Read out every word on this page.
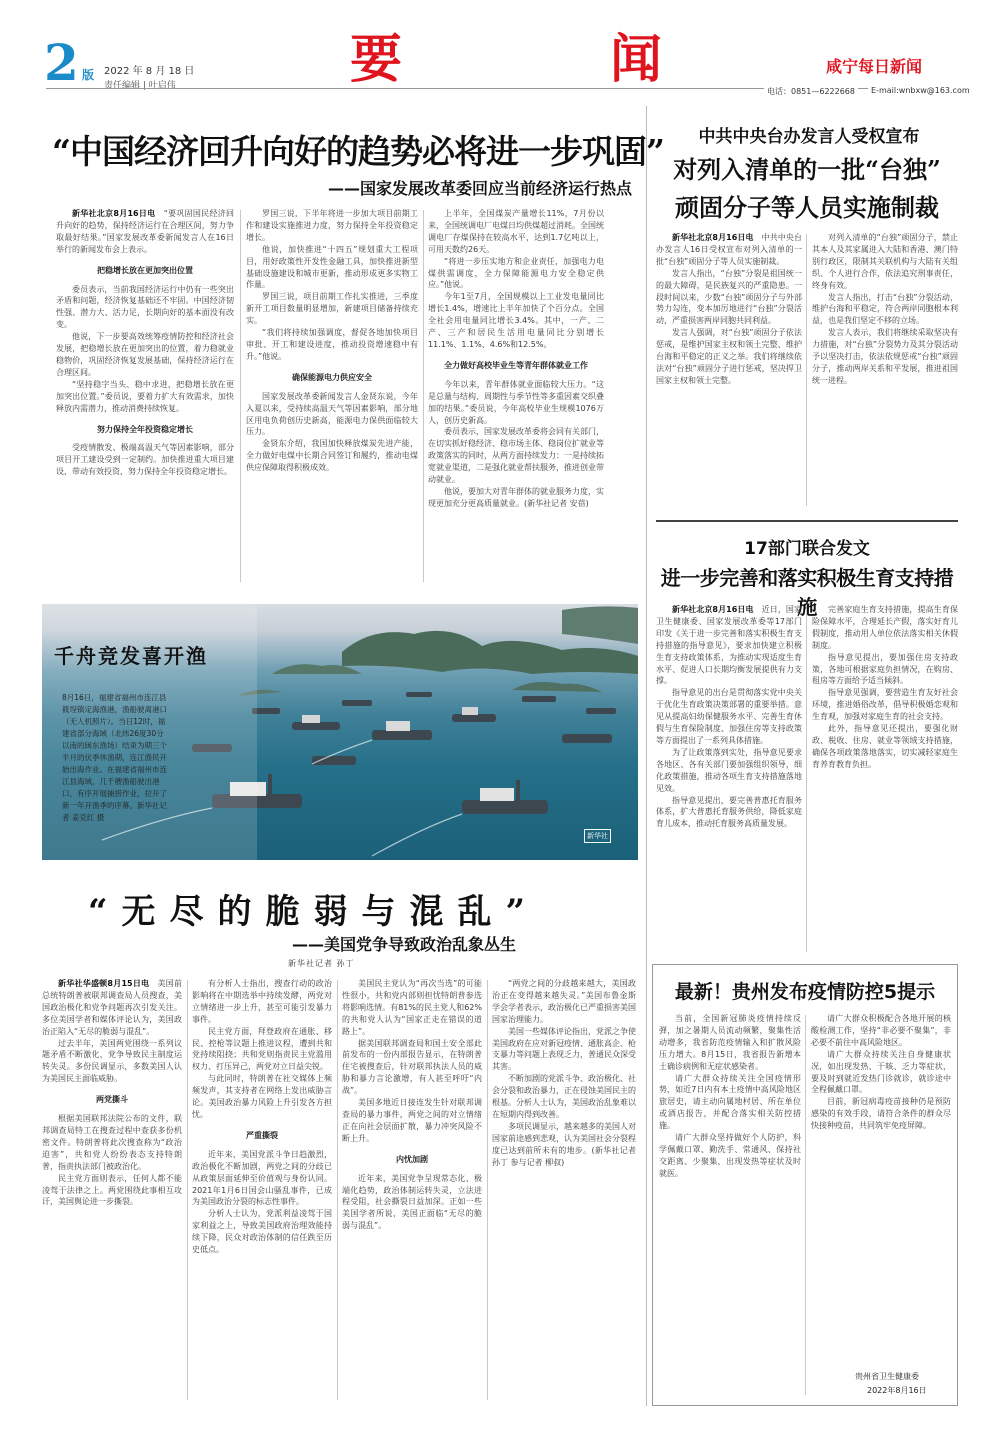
2 版 2022 年 8 月 18 日
责任编辑 | 叶启伟	要	闻	咸宁每日新闻
电话：0851—6222668	E-mail:wnbxw@163.com
“中国经济回升向好的趋势必将进一步巩固”
——国家发展改革委回应当前经济运行热点

新华社北京8月16日电　“要巩固国民经济回升向好的趋势，保持经济运行在合理区间，努力争取最好结果。”国家发展改革委新闻发言人在16日举行的新闻发布会上表示。

把稳增长放在更加突出位置

委员表示，当前我国经济运行中仍有一些突出矛盾和问题，经济恢复基础还不牢固。中国经济韧性强、潜力大、活力足，长期向好的基本面没有改变。

他说，下一步要高效统筹疫情防控和经济社会发展，把稳增长放在更加突出的位置，着力稳就业稳物价，巩固经济恢复发展基础，保持经济运行在合理区间。

“坚持稳字当头、稳中求进，把稳增长放在更加突出位置。”委员说，要着力扩大有效需求，加快释放内需潜力，推动消费持续恢复。

努力保持全年投资稳定增长

受疫情散发、极端高温天气等因素影响，部分项目开工建设受到一定制约。加快推进重大项目建设，带动有效投资，努力保持全年投资稳定增长。

罗国三说，下半年将进一步加大项目前期工作和建设实施推进力度，努力保持全年投资稳定增长。

他说，加快推进“十四五”规划重大工程项目，用好政策性开发性金融工具，加快推进新型基础设施建设和城市更新，推动形成更多实物工作量。

罗国三说，项目前期工作扎实推进，三季度新开工项目数量明显增加，新建项目储备持续充实。

“我们将持续加强调度，督促各地加快项目审批、开工和建设进度，推动投资增速稳中有升。”他说。

确保能源电力供应安全

国家发展改革委新闻发言人金贤东说，今年入夏以来，受持续高温天气等因素影响，部分地区用电负荷创历史新高，能源电力保供面临较大压力。

金贤东介绍，我国加快释放煤炭先进产能，全力做好电煤中长期合同签订和履约，推动电煤供应保障取得积极成效。

上半年，全国煤炭产量增长11%，7月份以来，全国统调电厂电煤日均供煤超过消耗。全国统调电厂存煤保持在较高水平，达到1.7亿吨以上，可用天数约26天。

“将进一步压实地方和企业责任，加强电力电煤供需调度，全力保障能源电力安全稳定供应。”他说。

今年1至7月，全国规模以上工业发电量同比增长1.4%，增速比上半年加快了个百分点。全国全社会用电量同比增长3.4%。其中，一产、二产、三产和居民生活用电量同比分别增长11.1%、1.1%、4.6%和12.5%。

全力做好高校毕业生等青年群体就业工作

今年以来，青年群体就业面临较大压力。“这是总量与结构、周期性与季节性等多重因素交织叠加的结果。”委员说，今年高校毕业生规模1076万人，创历史新高。

委员表示，国家发展改革委将会同有关部门，在切实抓好稳经济、稳市场主体、稳岗位扩就业等政策落实的同时，从两方面持续发力：一是持续拓宽就业渠道，二是强化就业帮扶服务，推进创业带动就业。

他说，要加大对青年群体的就业服务力度，实现更加充分更高质量就业。(新华社记者 安蓓)

千舟竞发喜开渔
8月16日，福建省福州市连江县筱埕镇定海渔港，渔船驶离港口（无人机照片）。当日12时，福建省部分海域（北纬26度30分以南的闽东渔场）结束为期三个半月的伏季休渔期，连江渔民开始出海作业。在福建省福州市连江县海域，几千艘渔船驶出港口，有序开展捕捞作业，拉开了新一年开渔季的序幕。新华社记者 姜克红 摄
新华社
“无尽的脆弱与混乱”
——美国党争导致政治乱象丛生
新华社记者 孙丁

新华社华盛顿8月15日电　美国前总统特朗普被联邦调查局人员搜查，美国政治极化和党争问题再次引发关注。多位美国学者和媒体评论认为，美国政治正陷入“无尽的脆弱与混乱”。

过去半年，美国两党围绕一系列议题矛盾不断激化，党争导致民主制度运转失灵。多份民调显示，多数美国人认为美国民主面临威胁。

两党撕斗

根据美国联邦法院公布的文件，联邦调查局特工在搜查过程中查获多份机密文件。特朗普将此次搜查称为“政治迫害”，共和党人纷纷表态支持特朗普，指责执法部门被政治化。

民主党方面则表示，任何人都不能凌驾于法律之上。两党围绕此事相互攻讦，美国舆论进一步撕裂。

有分析人士指出，搜查行动的政治影响将在中期选举中持续发酵，两党对立情绪进一步上升，甚至可能引发暴力事件。

民主党方面，拜登政府在通胀、移民、控枪等议题上推进议程，遭到共和党持续阻挠；共和党则指责民主党滥用权力、打压异己，两党对立日益尖锐。

与此同时，特朗普在社交媒体上频频发声，其支持者在网络上发出威胁言论。美国政治暴力风险上升引发各方担忧。

严重撕裂

近年来，美国党派斗争日趋激烈，政治极化不断加剧，两党之间的分歧已从政策层面延伸至价值观与身份认同。2021年1月6日国会山骚乱事件，已成为美国政治分裂的标志性事件。

分析人士认为，党派利益凌驾于国家利益之上，导致美国政府治理效能持续下降，民众对政治体制的信任跌至历史低点。

美国民主党认为“再次当选”的可能性很小，共和党内部则担忧特朗普参选将影响选情。有81%的民主党人和62%的共和党人认为“国家正走在错误的道路上”。

据美国联邦调查局和国土安全部此前发布的一份内部报告显示，在特朗普住宅被搜查后，针对联邦执法人员的威胁和暴力言论激增，有人甚至呼吁“内战”。

美国多地近日接连发生针对联邦调查局的暴力事件，两党之间的对立情绪正在向社会层面扩散，暴力冲突风险不断上升。

内忧加剧

近年来，美国党争呈现常态化、极端化趋势，政治体制运转失灵，立法进程受阻，社会撕裂日益加深。正如一些美国学者所说，美国正面临“无尽的脆弱与混乱”。

“两党之间的分歧越来越大，美国政治正在变得越来越失灵。”美国布鲁金斯学会学者表示，政治极化已严重损害美国国家治理能力。

美国一些媒体评论指出，党派之争使美国政府在应对新冠疫情、通胀高企、枪支暴力等问题上表现乏力，普通民众深受其害。

不断加剧的党派斗争、政治极化、社会分裂和政治暴力，正在侵蚀美国民主的根基。分析人士认为，美国政治乱象难以在短期内得到改善。

多项民调显示，越来越多的美国人对国家前途感到悲观，认为美国社会分裂程度已达到前所未有的地步。(新华社记者 孙丁 参与记者 柳叔)

中共中央台办发言人受权宣布
对列入清单的一批“台独”
顽固分子等人员实施制裁

新华社北京8月16日电　中共中央台办发言人16日受权宣布对列入清单的一批“台独”顽固分子等人员实施制裁。

发言人指出，“台独”分裂是祖国统一的最大障碍，是民族复兴的严重隐患。一段时间以来，少数“台独”顽固分子与外部势力勾连，变本加厉地进行“台独”分裂活动，严重损害两岸同胞共同利益。

发言人强调，对“台独”顽固分子依法惩戒，是维护国家主权和领土完整、维护台海和平稳定的正义之举。我们将继续依法对“台独”顽固分子进行惩戒，坚决捍卫国家主权和领土完整。

对列入清单的“台独”顽固分子，禁止其本人及其家属进入大陆和香港、澳门特别行政区，限制其关联机构与大陆有关组织、个人进行合作，依法追究刑事责任，终身有效。

发言人指出，打击“台独”分裂活动，维护台海和平稳定，符合两岸同胞根本利益，也是我们坚定不移的立场。

发言人表示，我们将继续采取坚决有力措施，对“台独”分裂势力及其分裂活动予以坚决打击，依法依规惩戒“台独”顽固分子，推动两岸关系和平发展，推进祖国统一进程。

17部门联合发文
进一步完善和落实积极生育支持措施

新华社北京8月16日电　近日，国家卫生健康委、国家发展改革委等17部门印发《关于进一步完善和落实积极生育支持措施的指导意见》，要求加快建立积极生育支持政策体系，为推动实现适度生育水平、促进人口长期均衡发展提供有力支撑。

指导意见的出台是贯彻落实党中央关于优化生育政策决策部署的重要举措。意见从提高妇幼保健服务水平、完善生育休假与生育保险制度、加强住房等支持政策等方面提出了一系列具体措施。

为了让政策落到实处，指导意见要求各地区、各有关部门要加强组织领导，细化政策措施，推动各项生育支持措施落地见效。

指导意见提出，要完善普惠托育服务体系，扩大普惠托育服务供给，降低家庭育儿成本，推动托育服务高质量发展。

完善家庭生育支持措施，提高生育保险保障水平，合理延长产假，落实好育儿假制度，推动用人单位依法落实相关休假制度。

指导意见提出，要加强住房支持政策，各地可根据家庭负担情况，在购房、租房等方面给予适当倾斜。

指导意见强调，要营造生育友好社会环境，推进婚俗改革，倡导积极婚恋观和生育观，加强对家庭生育的社会支持。

此外，指导意见还提出，要强化财政、税收、住房、就业等领域支持措施，确保各项政策落地落实，切实减轻家庭生育养育教育负担。

最新！贵州发布疫情防控5提示

当前，全国新冠肺炎疫情持续反弹，加之暑期人员流动频繁，聚集性活动增多，我省防范疫情输入和扩散风险压力增大。8月15日，我省报告新增本土确诊病例和无症状感染者。

请广大群众持续关注全国疫情形势，如近7日内有本土疫情中高风险地区旅居史，请主动向属地村居、所在单位或酒店报告，并配合落实相关防控措施。

请广大群众坚持做好个人防护，科学佩戴口罩、勤洗手、常通风、保持社交距离、少聚集，出现发热等症状及时就医。

请广大群众积极配合各地开展的核酸检测工作，坚持“非必要不聚集”，非必要不前往中高风险地区。

请广大群众持续关注自身健康状况，如出现发热、干咳、乏力等症状，要及时到就近发热门诊就诊，就诊途中全程佩戴口罩。

目前，新冠病毒疫苗接种仍是预防感染的有效手段，请符合条件的群众尽快接种疫苗，共同筑牢免疫屏障。

贵州省卫生健康委
2022年8月16日
